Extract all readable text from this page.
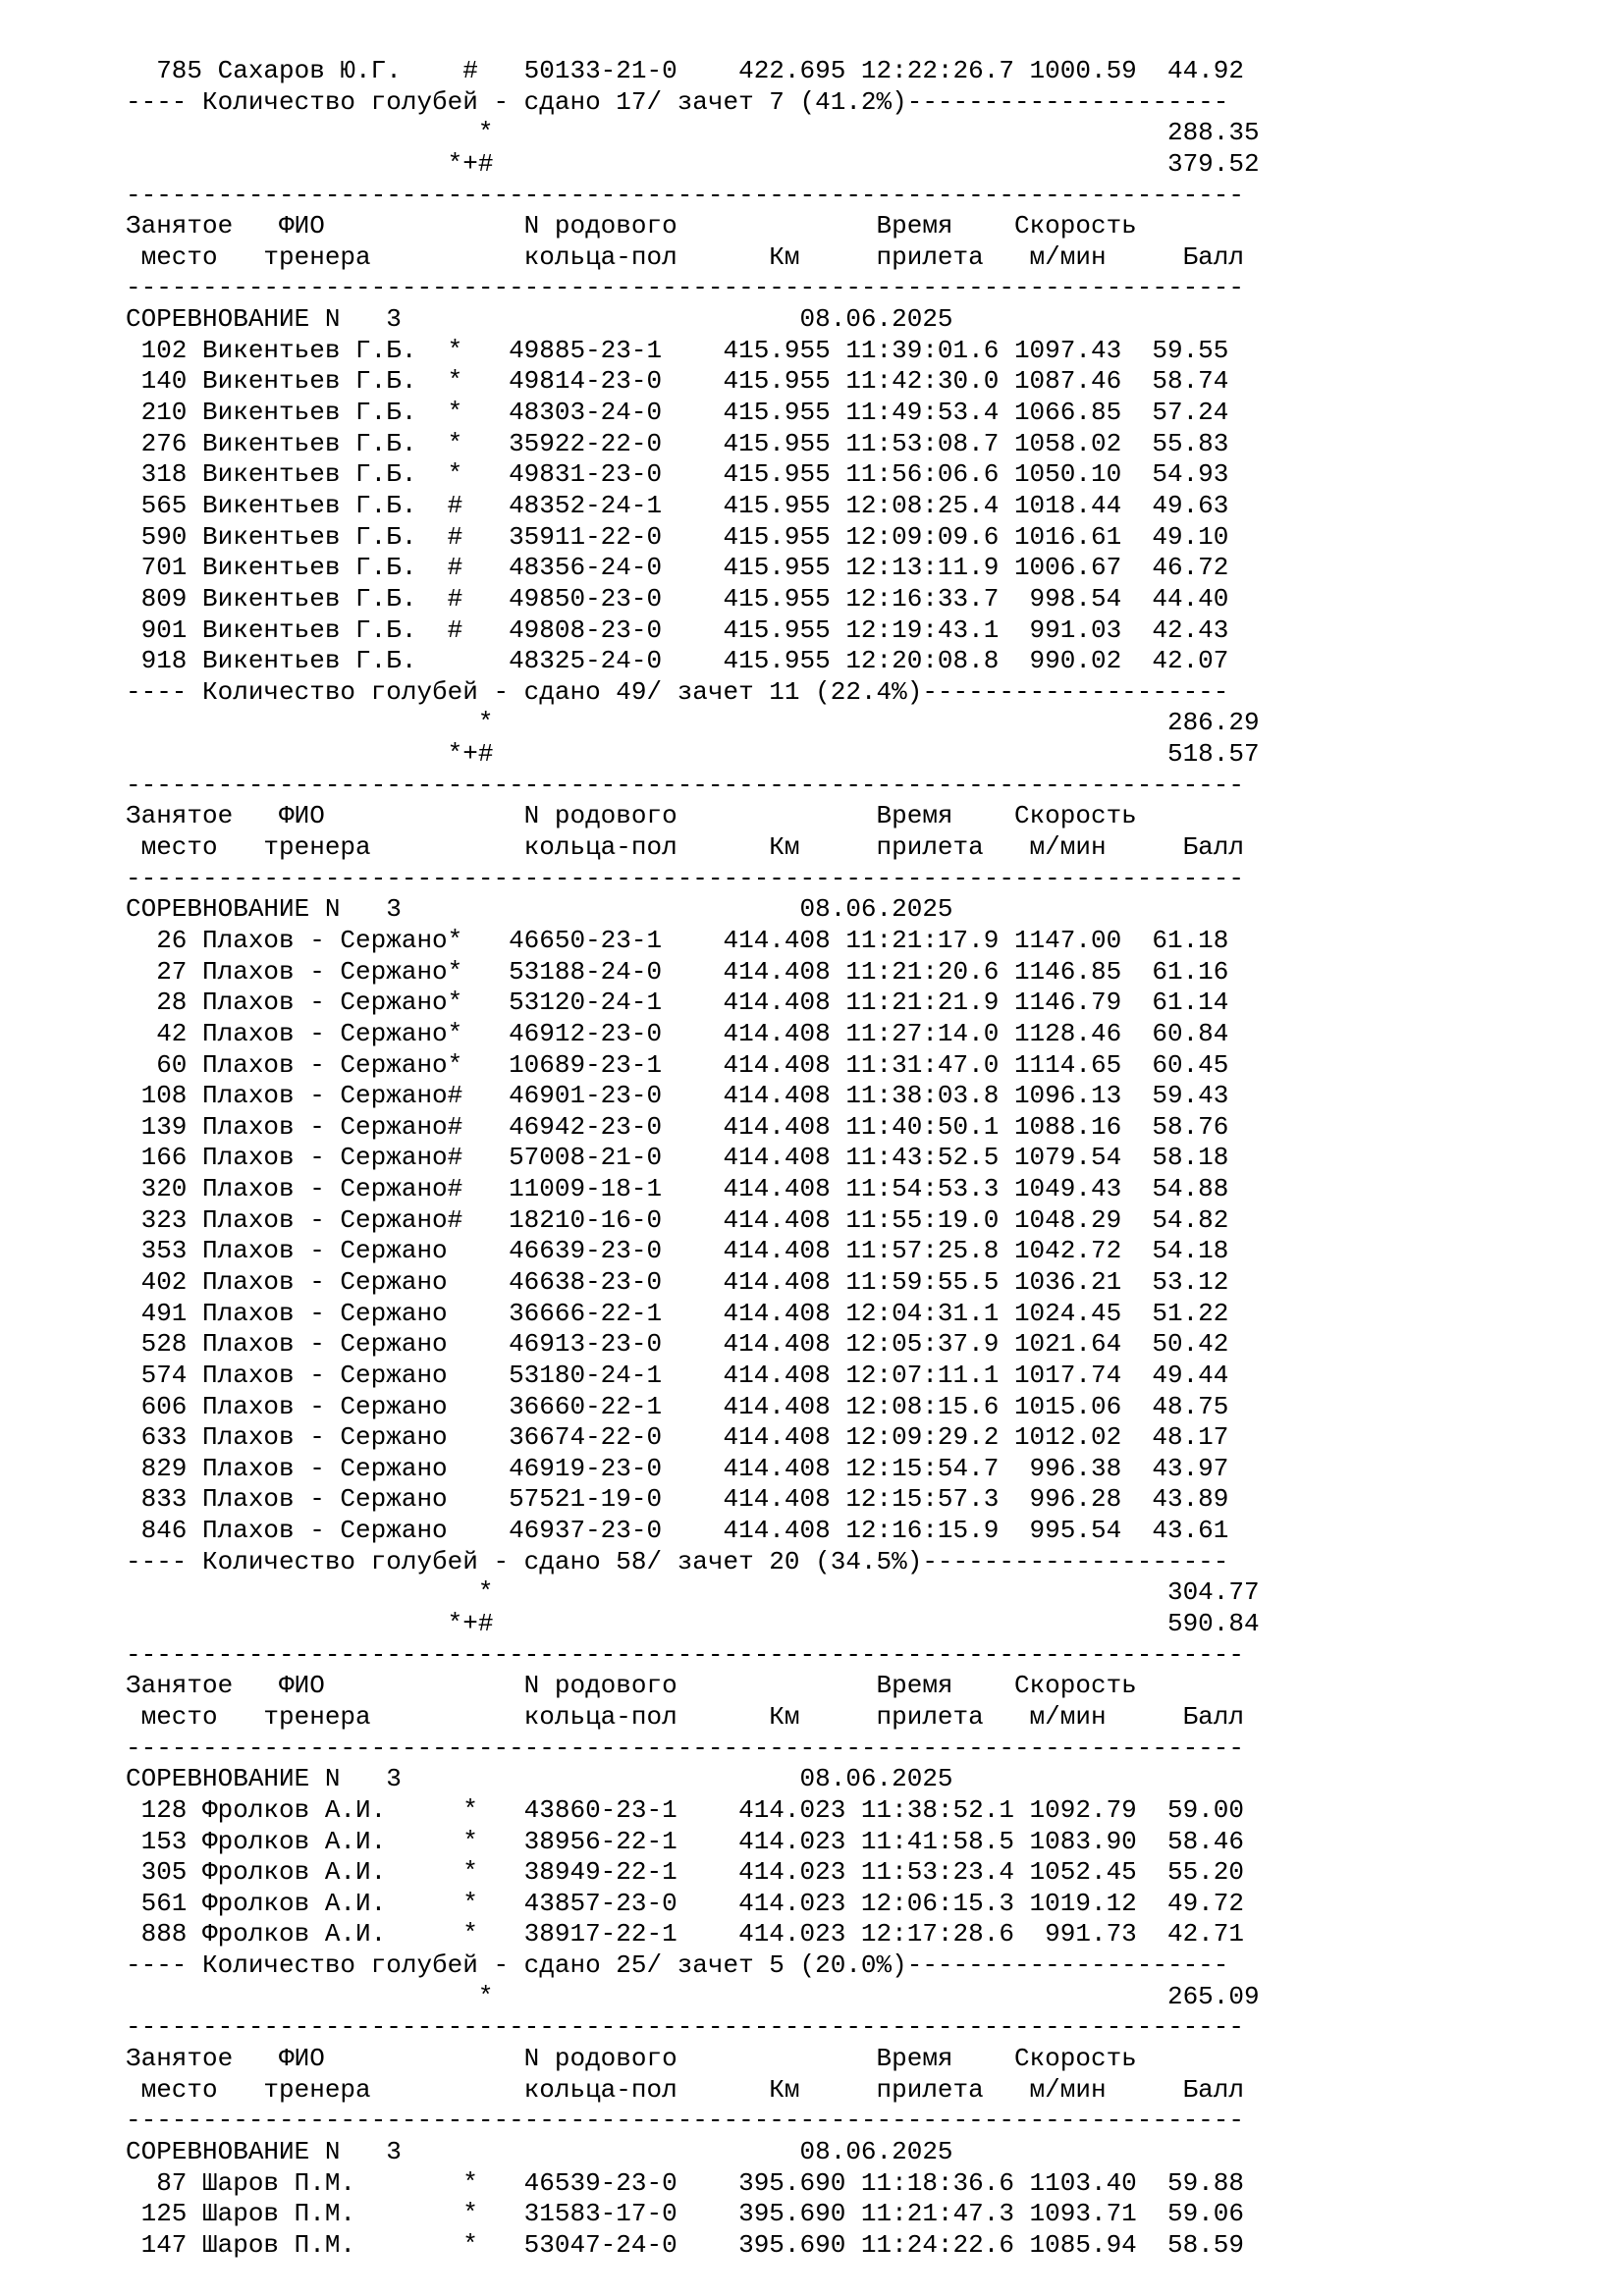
785 Сахаров Ю.Г.    #   50133-21-0    422.695 12:22:26.7 1000.59  44.92
---- Количество голубей - сдано 17/ зачет 7 (41.2%)---------------------
*                                            288.35
*+#                                            379.52
-------------------------------------------------------------------------
Занятое   ФИО             N родового             Время    Скорость
место   тренера          кольца-пол      Км     прилета   м/мин     Балл
-------------------------------------------------------------------------
СОРЕВНОВАНИЕ N   3                          08.06.2025
102 Викентьев Г.Б.  *   49885-23-1    415.955 11:39:01.6 1097.43  59.55
140 Викентьев Г.Б.  *   49814-23-0    415.955 11:42:30.0 1087.46  58.74
210 Викентьев Г.Б.  *   48303-24-0    415.955 11:49:53.4 1066.85  57.24
276 Викентьев Г.Б.  *   35922-22-0    415.955 11:53:08.7 1058.02  55.83
318 Викентьев Г.Б.  *   49831-23-0    415.955 11:56:06.6 1050.10  54.93
565 Викентьев Г.Б.  #   48352-24-1    415.955 12:08:25.4 1018.44  49.63
590 Викентьев Г.Б.  #   35911-22-0    415.955 12:09:09.6 1016.61  49.10
701 Викентьев Г.Б.  #   48356-24-0    415.955 12:13:11.9 1006.67  46.72
809 Викентьев Г.Б.  #   49850-23-0    415.955 12:16:33.7  998.54  44.40
901 Викентьев Г.Б.  #   49808-23-0    415.955 12:19:43.1  991.03  42.43
918 Викентьев Г.Б.      48325-24-0    415.955 12:20:08.8  990.02  42.07
---- Количество голубей - сдано 49/ зачет 11 (22.4%)--------------------
*                                            286.29
*+#                                            518.57
-------------------------------------------------------------------------
Занятое   ФИО             N родового             Время    Скорость
место   тренера          кольца-пол      Км     прилета   м/мин     Балл
-------------------------------------------------------------------------
СОРЕВНОВАНИЕ N   3                          08.06.2025
26 Плахов - Сержано*   46650-23-1    414.408 11:21:17.9 1147.00  61.18
27 Плахов - Сержано*   53188-24-0    414.408 11:21:20.6 1146.85  61.16
28 Плахов - Сержано*   53120-24-1    414.408 11:21:21.9 1146.79  61.14
42 Плахов - Сержано*   46912-23-0    414.408 11:27:14.0 1128.46  60.84
60 Плахов - Сержано*   10689-23-1    414.408 11:31:47.0 1114.65  60.45
108 Плахов - Сержано#   46901-23-0    414.408 11:38:03.8 1096.13  59.43
139 Плахов - Сержано#   46942-23-0    414.408 11:40:50.1 1088.16  58.76
166 Плахов - Сержано#   57008-21-0    414.408 11:43:52.5 1079.54  58.18
320 Плахов - Сержано#   11009-18-1    414.408 11:54:53.3 1049.43  54.88
323 Плахов - Сержано#   18210-16-0    414.408 11:55:19.0 1048.29  54.82
353 Плахов - Сержано    46639-23-0    414.408 11:57:25.8 1042.72  54.18
402 Плахов - Сержано    46638-23-0    414.408 11:59:55.5 1036.21  53.12
491 Плахов - Сержано    36666-22-1    414.408 12:04:31.1 1024.45  51.22
528 Плахов - Сержано    46913-23-0    414.408 12:05:37.9 1021.64  50.42
574 Плахов - Сержано    53180-24-1    414.408 12:07:11.1 1017.74  49.44
606 Плахов - Сержано    36660-22-1    414.408 12:08:15.6 1015.06  48.75
633 Плахов - Сержано    36674-22-0    414.408 12:09:29.2 1012.02  48.17
829 Плахов - Сержано    46919-23-0    414.408 12:15:54.7  996.38  43.97
833 Плахов - Сержано    57521-19-0    414.408 12:15:57.3  996.28  43.89
846 Плахов - Сержано    46937-23-0    414.408 12:16:15.9  995.54  43.61
---- Количество голубей - сдано 58/ зачет 20 (34.5%)--------------------
*                                            304.77
*+#                                            590.84
-------------------------------------------------------------------------
Занятое   ФИО             N родового             Время    Скорость
место   тренера          кольца-пол      Км     прилета   м/мин     Балл
-------------------------------------------------------------------------
СОРЕВНОВАНИЕ N   3                          08.06.2025
128 Фролков А.И.     *   43860-23-1    414.023 11:38:52.1 1092.79  59.00
153 Фролков А.И.     *   38956-22-1    414.023 11:41:58.5 1083.90  58.46
305 Фролков А.И.     *   38949-22-1    414.023 11:53:23.4 1052.45  55.20
561 Фролков А.И.     *   43857-23-0    414.023 12:06:15.3 1019.12  49.72
888 Фролков А.И.     *   38917-22-1    414.023 12:17:28.6  991.73  42.71
---- Количество голубей - сдано 25/ зачет 5 (20.0%)---------------------
*                                            265.09
-------------------------------------------------------------------------
Занятое   ФИО             N родового             Время    Скорость
место   тренера          кольца-пол      Км     прилета   м/мин     Балл
-------------------------------------------------------------------------
СОРЕВНОВАНИЕ N   3                          08.06.2025
87 Шаров П.М.       *   46539-23-0    395.690 11:18:36.6 1103.40  59.88
125 Шаров П.М.       *   31583-17-0    395.690 11:21:47.3 1093.71  59.06
147 Шаров П.М.       *   53047-24-0    395.690 11:24:22.6 1085.94  58.59
